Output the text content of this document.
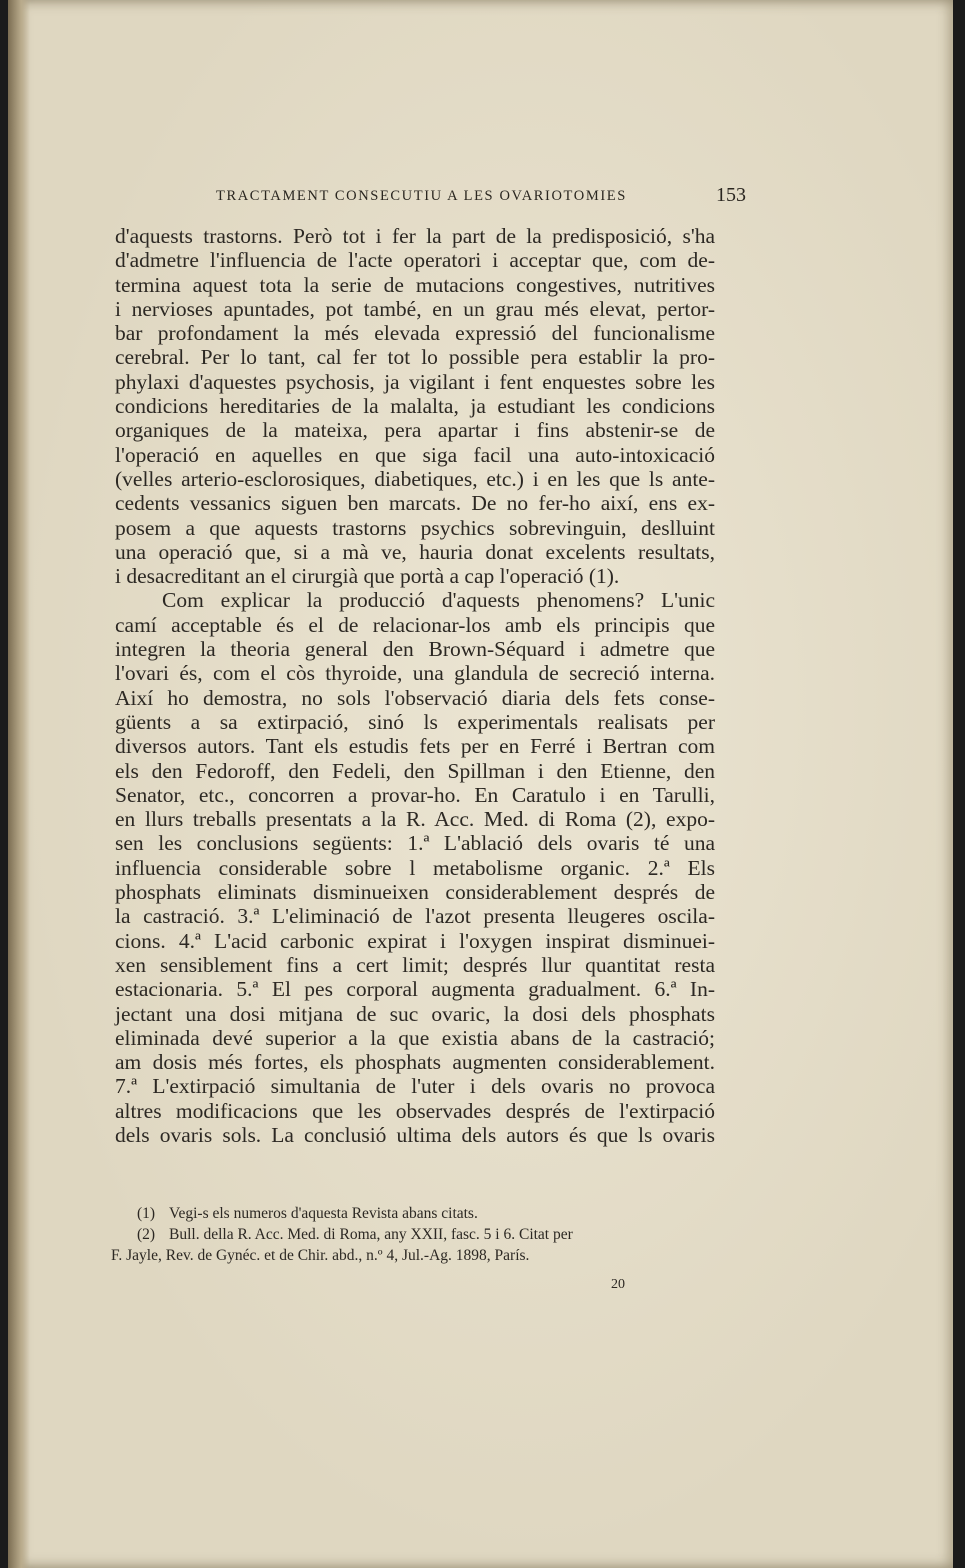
TRACTAMENT CONSECUTIU A LES OVARIOTOMIES	153
d'aquests trastorns. Però tot i fer la part de la predisposició, s'ha
d'admetre l'influencia de l'acte operatori i acceptar que, com de-
termina aquest tota la serie de mutacions congestives, nutritives
i nervioses apuntades, pot també, en un grau més elevat, pertor-
bar profondament la més elevada expressió del funcionalisme
cerebral. Per lo tant, cal fer tot lo possible pera establir la pro-
phylaxi d'aquestes psychosis, ja vigilant i fent enquestes sobre les
condicions hereditaries de la malalta, ja estudiant les condicions
organiques de la mateixa, pera apartar i fins abstenir-se de
l'operació en aquelles en que siga facil una auto-intoxicació
(velles arterio-esclorosiques, diabetiques, etc.) i en les que ls ante-
cedents vessanics siguen ben marcats. De no fer-ho així, ens ex-
posem a que aquests trastorns psychics sobrevinguin, deslluint
una operació que, si a mà ve, hauria donat excelents resultats,
i desacreditant an el cirurgià que portà a cap l'operació (1).
Com explicar la producció d'aquests phenomens? L'unic
camí acceptable és el de relacionar-los amb els principis que
integren la theoria general den Brown-Séquard i admetre que
l'ovari és, com el còs thyroide, una glandula de secreció interna.
Així ho demostra, no sols l'observació diaria dels fets conse-
güents a sa extirpació, sinó ls experimentals realisats per
diversos autors. Tant els estudis fets per en Ferré i Bertran com
els den Fedoroff, den Fedeli, den Spillman i den Etienne, den
Senator, etc., concorren a provar-ho. En Caratulo i en Tarulli,
en llurs treballs presentats a la R. Acc. Med. di Roma (2), expo-
sen les conclusions següents: 1.ª L'ablació dels ovaris té una
influencia considerable sobre l metabolisme organic. 2.ª Els
phosphats eliminats disminueixen considerablement després de
la castració. 3.ª L'eliminació de l'azot presenta lleugeres oscila-
cions. 4.ª L'acid carbonic expirat i l'oxygen inspirat disminuei-
xen sensiblement fins a cert limit; després llur quantitat resta
estacionaria. 5.ª El pes corporal augmenta gradualment. 6.ª In-
jectant una dosi mitjana de suc ovaric, la dosi dels phosphats
eliminada devé superior a la que existia abans de la castració;
am dosis més fortes, els phosphats augmenten considerablement.
7.ª L'extirpació simultania de l'uter i dels ovaris no provoca
altres modificacions que les observades després de l'extirpació
dels ovaris sols. La conclusió ultima dels autors és que ls ovaris
(1) Vegi-s els numeros d'aquesta Revista abans citats.
(2) Bull. della R. Acc. Med. di Roma, any XXII, fasc. 5 i 6. Citat per
F. Jayle, Rev. de Gynéc. et de Chir. abd., n.º 4, Jul.-Ag. 1898, París.
20
